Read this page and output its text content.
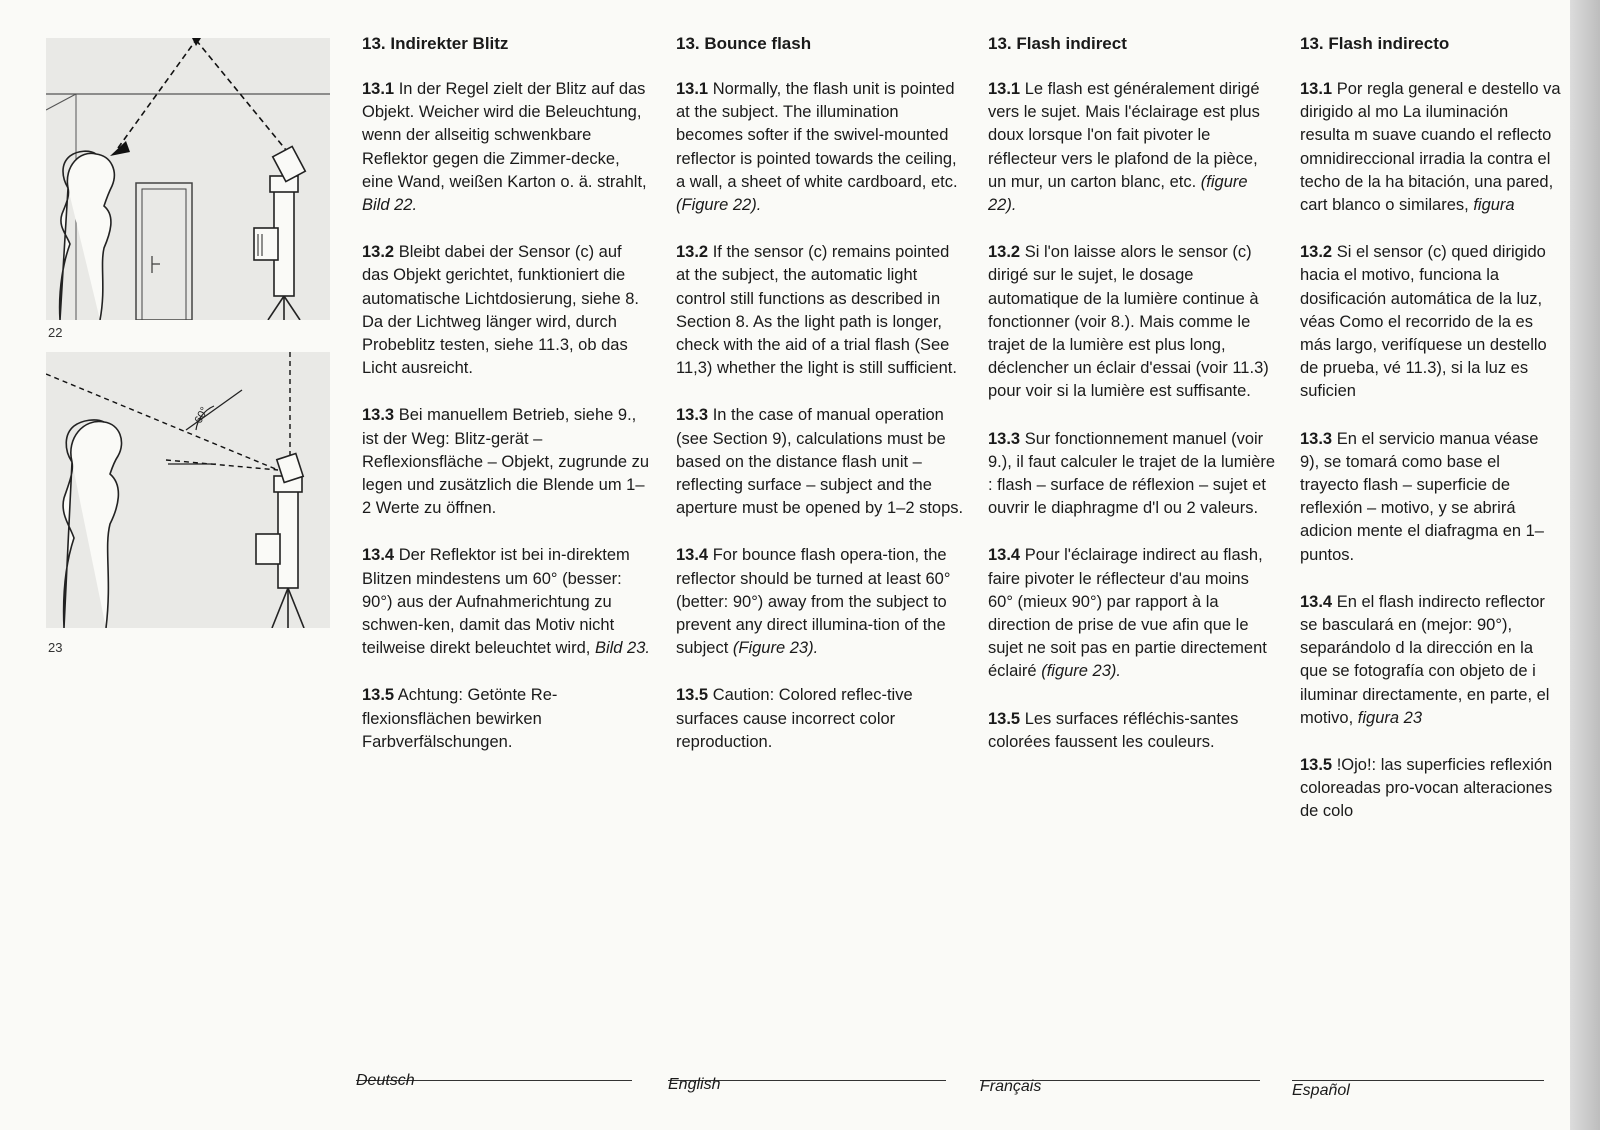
22
60°
23
13. Indirekter Blitz

13.1 In der Regel zielt der Blitz auf das Objekt. Weicher wird die Beleuchtung, wenn der allseitig schwenkbare Reflektor gegen die Zimmer-decke, eine Wand, weißen Karton o. ä. strahlt, Bild 22.

13.2 Bleibt dabei der Sensor (c) auf das Objekt gerichtet, funktioniert die automatische Lichtdosierung, siehe 8. Da der Lichtweg länger wird, durch Probeblitz testen, siehe 11.3, ob das Licht ausreicht.

13.3 Bei manuellem Betrieb, siehe 9., ist der Weg: Blitz-gerät – Reflexionsfläche – Objekt, zugrunde zu legen und zusätzlich die Blende um 1–2 Werte zu öffnen.

13.4 Der Reflektor ist bei in-direktem Blitzen mindestens um 60° (besser: 90°) aus der Aufnahmerichtung zu schwen-ken, damit das Motiv nicht teilweise direkt beleuchtet wird, Bild 23.

13.5 Achtung: Getönte Re-flexionsflächen bewirken Farbverfälschungen.

13. Bounce flash

13.1 Normally, the flash unit is pointed at the subject. The illumination becomes softer if the swivel-mounted reflector is pointed towards the ceiling, a wall, a sheet of white cardboard, etc. (Figure 22).

13.2 If the sensor (c) remains pointed at the subject, the automatic light control still functions as described in Section 8. As the light path is longer, check with the aid of a trial flash (See 11,3) whether the light is still sufficient.

13.3 In the case of manual operation (see Section 9), calculations must be based on the distance flash unit – reflecting surface – subject and the aperture must be opened by 1–2 stops.

13.4 For bounce flash opera-tion, the reflector should be turned at least 60° (better: 90°) away from the subject to prevent any direct illumina-tion of the subject (Figure 23).

13.5 Caution: Colored reflec-tive surfaces cause incorrect color reproduction.

13. Flash indirect

13.1 Le flash est généralement dirigé vers le sujet. Mais l'éclairage est plus doux lorsque l'on fait pivoter le réflecteur vers le plafond de la pièce, un mur, un carton blanc, etc. (figure 22).

13.2 Si l'on laisse alors le sensor (c) dirigé sur le sujet, le dosage automatique de la lumière continue à fonctionner (voir 8.). Mais comme le trajet de la lumière est plus long, déclencher un éclair d'essai (voir 11.3) pour voir si la lumière est suffisante.

13.3 Sur fonctionnement manuel (voir 9.), il faut calculer le trajet de la lumière : flash – surface de réflexion – sujet et ouvrir le diaphragme d'l ou 2 valeurs.

13.4 Pour l'éclairage indirect au flash, faire pivoter le réflecteur d'au moins 60° (mieux 90°) par rapport à la direction de prise de vue afin que le sujet ne soit pas en partie directement éclairé (figure 23).

13.5 Les surfaces réfléchis-santes colorées faussent les couleurs.

13. Flash indirecto

13.1 Por regla general e destello va dirigido al mo La iluminación resulta m suave cuando el reflecto omnidireccional irradia la contra el techo de la ha bitación, una pared, cart blanco o similares, figura

13.2 Si el sensor (c) qued dirigido hacia el motivo, funciona la dosificación automática de la luz, véas Como el recorrido de la es más largo, verifíquese un destello de prueba, vé 11.3), si la luz es suficien

13.3 En el servicio manua véase 9), se tomará como base el trayecto flash – superficie de reflexión – motivo, y se abrirá adicion mente el diafragma en 1– puntos.

13.4 En el flash indirecto reflector se basculará en (mejor: 90°), separándolo d la dirección en la que se fotografía con objeto de i iluminar directamente, en parte, el motivo, figura 23

13.5 !Ojo!: las superficies reflexión coloreadas pro-vocan alteraciones de colo

Deutsch	English	Français	Español
